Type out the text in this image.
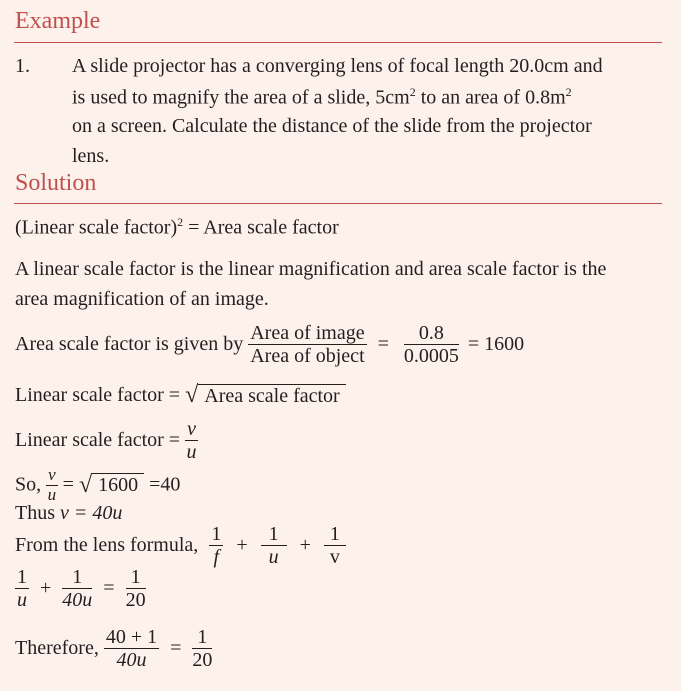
Example
1. A slide projector has a converging lens of focal length 20.0cm and
is used to magnify the area of a slide, $5cm^2$ to an area of $0.8m^2$
on a screen. Calculate the distance of the slide from the projector
lens.
Solution
(Linear scale factor)$^2$ = Area scale factor
A linear scale factor is the linear magnification and area scale factor is the
area magnification of an image.
Area scale factor is given by $\frac{\text{Area of image}}{\text{Area of object}} = \frac{0.8}{0.0005} = 1600$
Linear scale factor = √ Area scale factor
Linear scale factor = $\frac{v}{u}$
So, $\frac{v}{u}$ = √ 1600 =40
Thus v = 40u
From the lens formula, $\frac{1}{f} + \frac{1}{u} + \frac{1}{v}$
$\frac{1}{u} + \frac{1}{40u} = \frac{1}{20}$
Therefore, $\frac{40 + 1}{40u} = \frac{1}{20}$
